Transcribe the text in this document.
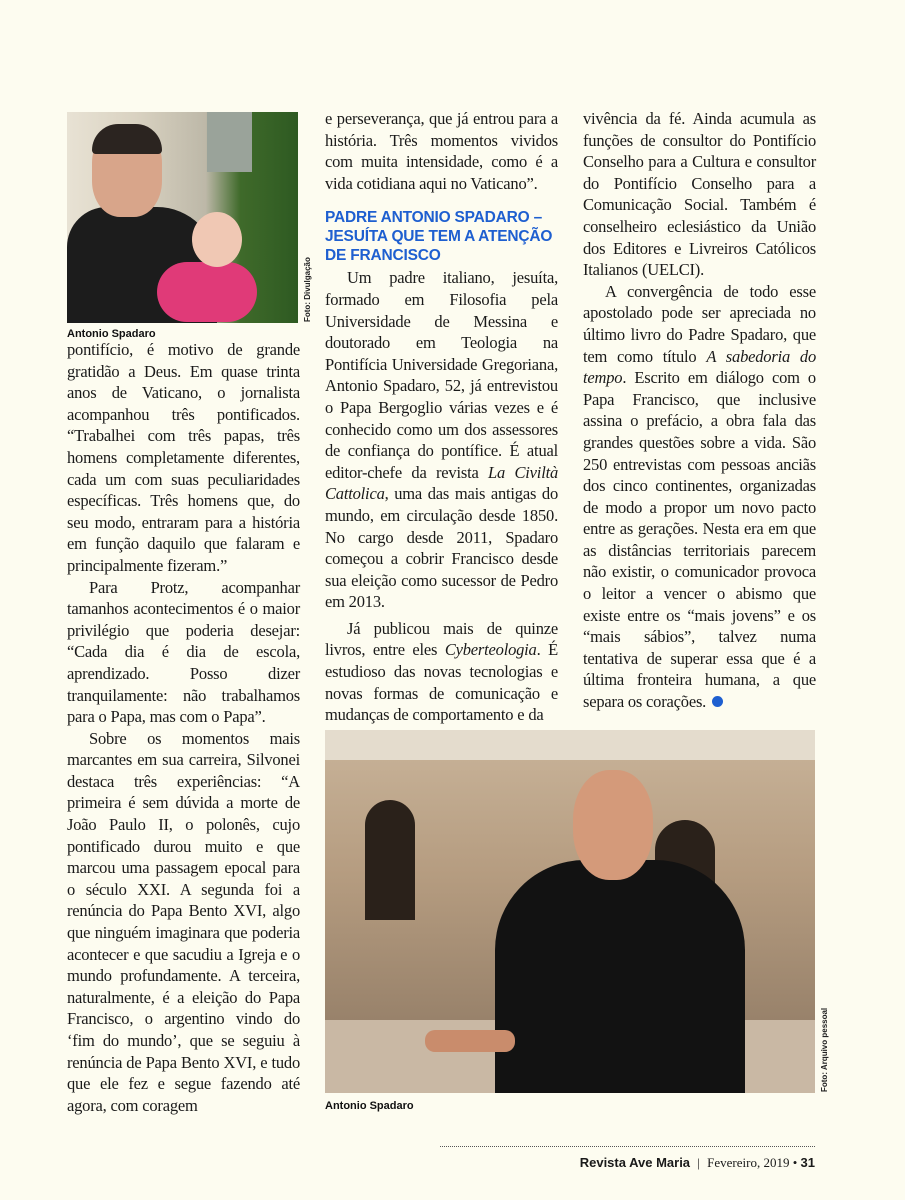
Foto: Divulgação
Antonio Spadaro

pontifício, é motivo de grande gratidão a Deus. Em quase trinta anos de Vaticano, o jornalista acompanhou três pontificados. “Trabalhei com três papas, três homens completamente diferentes, cada um com suas peculiaridades específicas. Três homens que, do seu modo, entraram para a história em função daquilo que falaram e principalmente fizeram.”

Para Protz, acompanhar tamanhos acontecimentos é o maior privilégio que poderia desejar: “Cada dia é dia de escola, aprendizado. Posso dizer tranquilamente: não trabalhamos para o Papa, mas com o Papa”.

Sobre os momentos mais marcantes em sua carreira, Silvonei destaca três experiências: “A primeira é sem dúvida a morte de João Paulo II, o polonês, cujo pontificado durou muito e que marcou uma passagem epocal para o século XXI. A segunda foi a renúncia do Papa Bento XVI, algo que ninguém imaginara que poderia acontecer e que sacudiu a Igreja e o mundo profundamente. A terceira, naturalmente, é a eleição do Papa Francisco, o argentino vindo do ‘fim do mundo’, que se seguiu à renúncia de Papa Bento XVI, e tudo que ele fez e segue fazendo até agora, com coragem

e perseverança, que já entrou para a história. Três momentos vividos com muita intensidade, como é a vida cotidiana aqui no Vaticano”.

PADRE ANTONIO SPADARO – JESUÍTA QUE TEM A ATENÇÃO DE FRANCISCO

Um padre italiano, jesuíta, formado em Filosofia pela Universidade de Messina e doutorado em Teologia na Pontifícia Universidade Gregoriana, Antonio Spadaro, 52, já entrevistou o Papa Bergoglio várias vezes e é conhecido como um dos assessores de confiança do pontífice. É atual editor-chefe da revista La Civiltà Cattolica, uma das mais antigas do mundo, em circulação desde 1850. No cargo desde 2011, Spadaro começou a cobrir Francisco desde sua eleição como sucessor de Pedro em 2013.

Já publicou mais de quinze livros, entre eles Cyberteologia. É estudioso das novas tecnologias e novas formas de comunicação e mudanças de comportamento e da

vivência da fé. Ainda acumula as funções de consultor do Pontifício Conselho para a Cultura e consultor do Pontifício Conselho para a Comunicação Social. Também é conselheiro eclesiástico da União dos Editores e Livreiros Católicos Italianos (UELCI).

A convergência de todo esse apostolado pode ser apreciada no último livro do Padre Spadaro, que tem como título A sabedoria do tempo. Escrito em diálogo com o Papa Francisco, que inclusive assina o prefácio, a obra fala das grandes questões sobre a vida. São 250 entrevistas com pessoas anciãs dos cinco continentes, organizadas de modo a propor um novo pacto entre as gerações. Nesta era em que as distâncias territoriais parecem não existir, o comunicador provoca o leitor a vencer o abismo que existe entre os “mais jovens” e os “mais sábios”, talvez numa tentativa de superar essa que é a última fronteira humana, a que separa os corações.

Foto: Arquivo pessoal
Antonio Spadaro
Revista Ave Maria | Fevereiro, 2019 • 31
